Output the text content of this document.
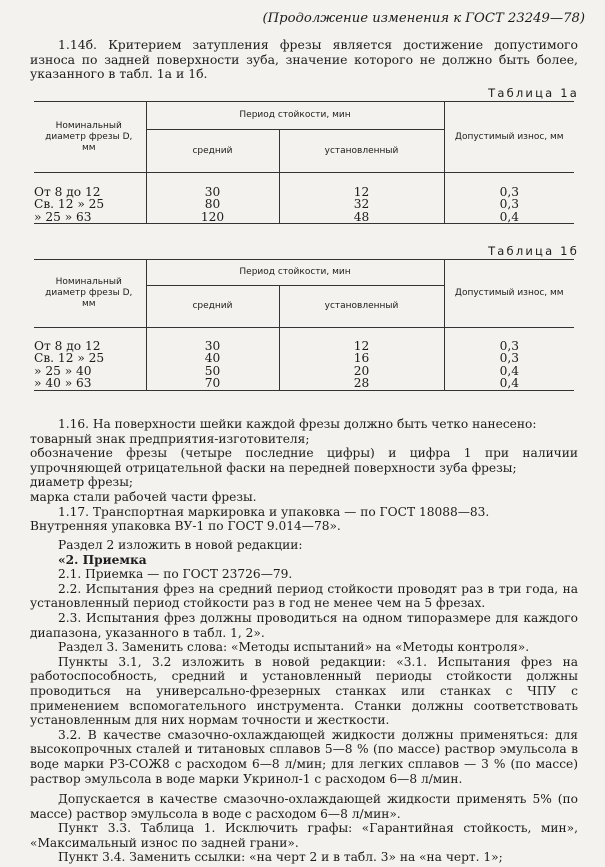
(Продолжение изменения к ГОСТ 23249—78)

1.14б. Критерием затупления фрезы является достижение допустимого износа по задней поверхности зуба, значение которого не должно быть более, указанного в табл. 1а и 1б.

Таблица 1а
Номинальный диаметр фрезы D, мм	Период стойкости, мин		Допустимый износ, мм
	средний	установленный	

От 8 до 12	30	12	0,3
Св. 12 » 25	80	32	0,3
» 25 » 63	120	48	0,4
Таблица 1б
Номинальный диаметр фрезы D, мм	Период стойкости, мин		Допустимый износ, мм
	средний	установленный	

От 8 до 12	30	12	0,3
Св. 12 » 25	40	16	0,3
» 25 » 40	50	20	0,4
» 40 » 63	70	28	0,4

1.16. На поверхности шейки каждой фрезы должно быть четко нанесено:

товарный знак предприятия-изготовителя;

обозначение фрезы (четыре последние цифры) и цифра 1 при наличии упрочняющей отрицательной фаски на передней поверхности зуба фрезы;

диаметр фрезы;

марка стали рабочей части фрезы.

1.17. Транспортная маркировка и упаковка — по ГОСТ 18088—83.

Внутренняя упаковка ВУ-1 по ГОСТ 9.014—78».

Раздел 2 изложить в новой редакции:

«2. Приемка

2.1. Приемка — по ГОСТ 23726—79.

2.2. Испытания фрез на средний период стойкости проводят раз в три года, на установленный период стойкости раз в год не менее чем на 5 фрезах.

2.3. Испытания фрез должны проводиться на одном типоразмере для каждого диапазона, указанного в табл. 1, 2».

Раздел 3. Заменить слова: «Методы испытаний» на «Методы контроля».

Пункты 3.1, 3.2 изложить в новой редакции: «3.1. Испытания фрез на работоспособность, средний и установленный периоды стойкости должны проводиться на универсально-фрезерных станках или станках с ЧПУ с применением вспомогательного инструмента. Станки должны соответствовать установленным для них нормам точности и жесткости.

3.2. В качестве смазочно-охлаждающей жидкости должны применяться: для высокопрочных сталей и титановых сплавов 5—8 % (по массе) раствор эмульсола в воде марки РЗ-СОЖ8 с расходом 6—8 л/мин; для легких сплавов — 3 % (по массе) раствор эмульсола в воде марки Укринол-1 с расходом 6—8 л/мин.

Допускается в качестве смазочно-охлаждающей жидкости применять 5% (по массе) раствор эмульсола в воде с расходом 6—8 л/мин».

Пункт 3.3. Таблица 1. Исключить графы: «Гарантийная стойкость, мин», «Максимальный износ по задней грани».

Пункт 3.4. Заменить ссылки: «на черт 2 и в табл. 3» на «на черт. 1»;
